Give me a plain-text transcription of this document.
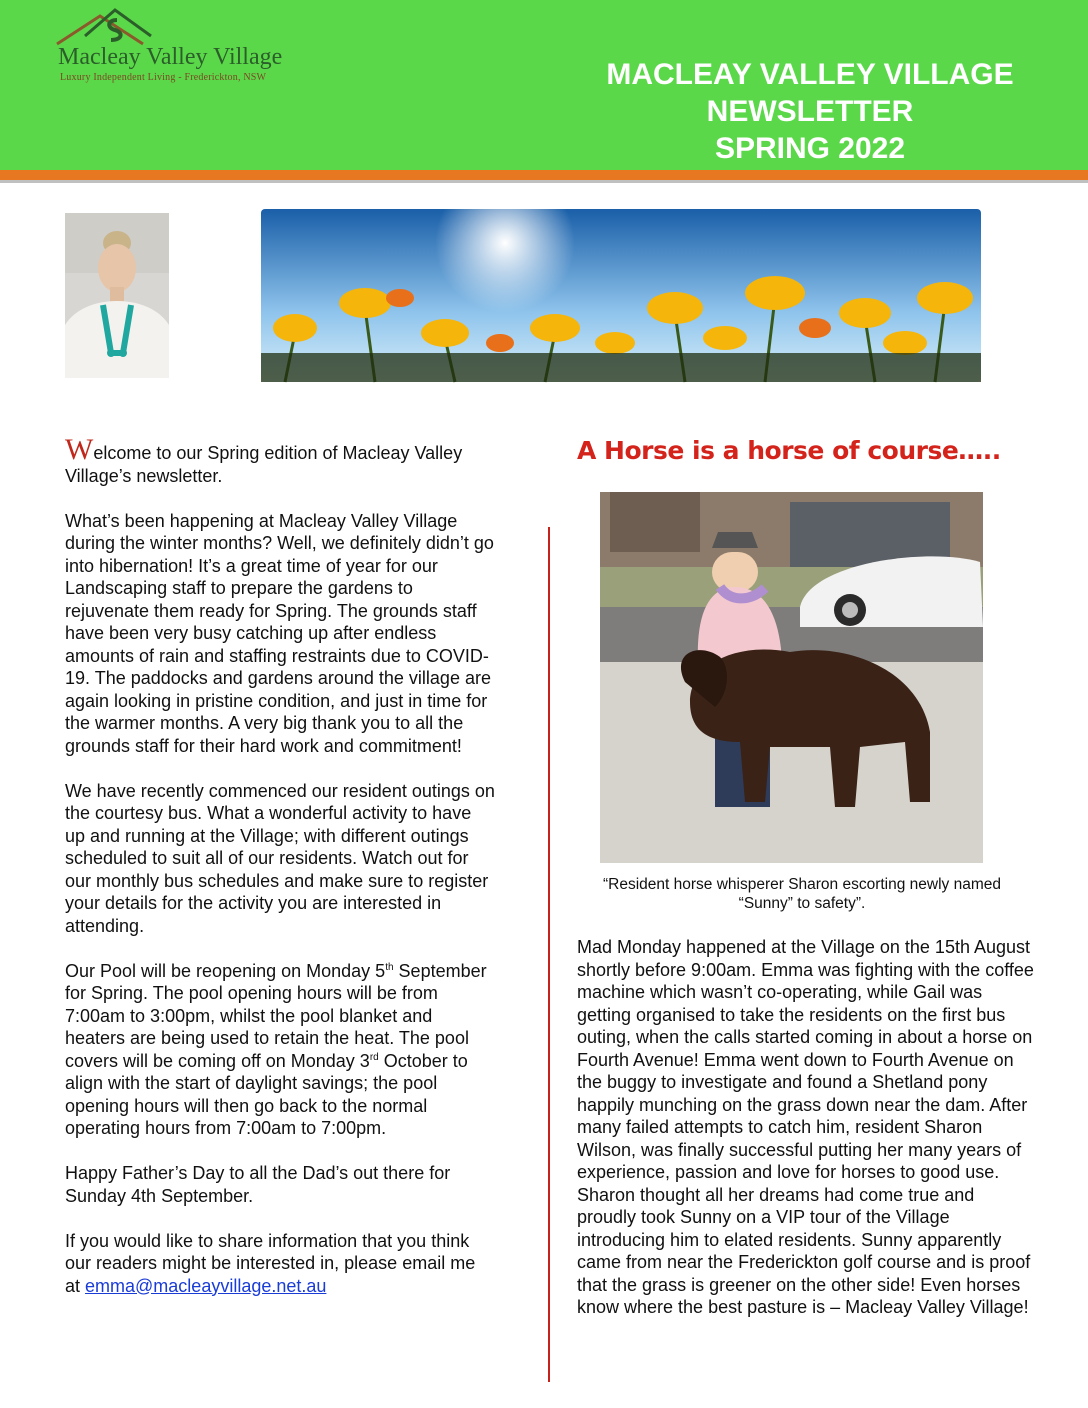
Macleay Valley Village
Luxury Independent Living - Frederickton, NSW	MACLEAY VALLEY VILLAGE
NEWSLETTER
SPRING 2022

Welcome to our Spring edition of Macleay Valley Village’s newsletter.

What’s been happening at Macleay Valley Village during the winter months? Well, we definitely didn’t go into hibernation! It’s a great time of year for our Landscaping staff to prepare the gardens to rejuvenate them ready for Spring. The grounds staff have been very busy catching up after endless amounts of rain and staffing restraints due to COVID-19. The paddocks and gardens around the village are again looking in pristine condition, and just in time for the warmer months. A very big thank you to all the grounds staff for their hard work and commitment!

We have recently commenced our resident outings on the courtesy bus. What a wonderful activity to have up and running at the Village; with different outings scheduled to suit all of our residents. Watch out for our monthly bus schedules and make sure to register your details for the activity you are interested in attending.

Our Pool will be reopening on Monday 5th September for Spring. The pool opening hours will be from 7:00am to 3:00pm, whilst the pool blanket and heaters are being used to retain the heat. The pool covers will be coming off on Monday 3rd October to align with the start of daylight savings; the pool opening hours will then go back to the normal operating hours from 7:00am to 7:00pm.

Happy Father’s Day to all the Dad’s out there for Sunday 4th September.

If you would like to share information that you think our readers might be interested in, please email me at emma@macleayvillage.net.au

A Horse is a horse of course…..
“Resident horse whisperer Sharon escorting newly named “Sunny” to safety”.

Mad Monday happened at the Village on the 15th August shortly before 9:00am. Emma was fighting with the coffee machine which wasn’t co-operating, while Gail was getting organised to take the residents on the first bus outing, when the calls started coming in about a horse on Fourth Avenue! Emma went down to Fourth Avenue on the buggy to investigate and found a Shetland pony happily munching on the grass down near the dam. After many failed attempts to catch him, resident Sharon Wilson, was finally successful putting her many years of experience, passion and love for horses to good use. Sharon thought all her dreams had come true and proudly took Sunny on a VIP tour of the Village introducing him to elated residents. Sunny apparently came from near the Frederickton golf course and is proof that the grass is greener on the other side! Even horses know where the best pasture is – Macleay Valley Village!
